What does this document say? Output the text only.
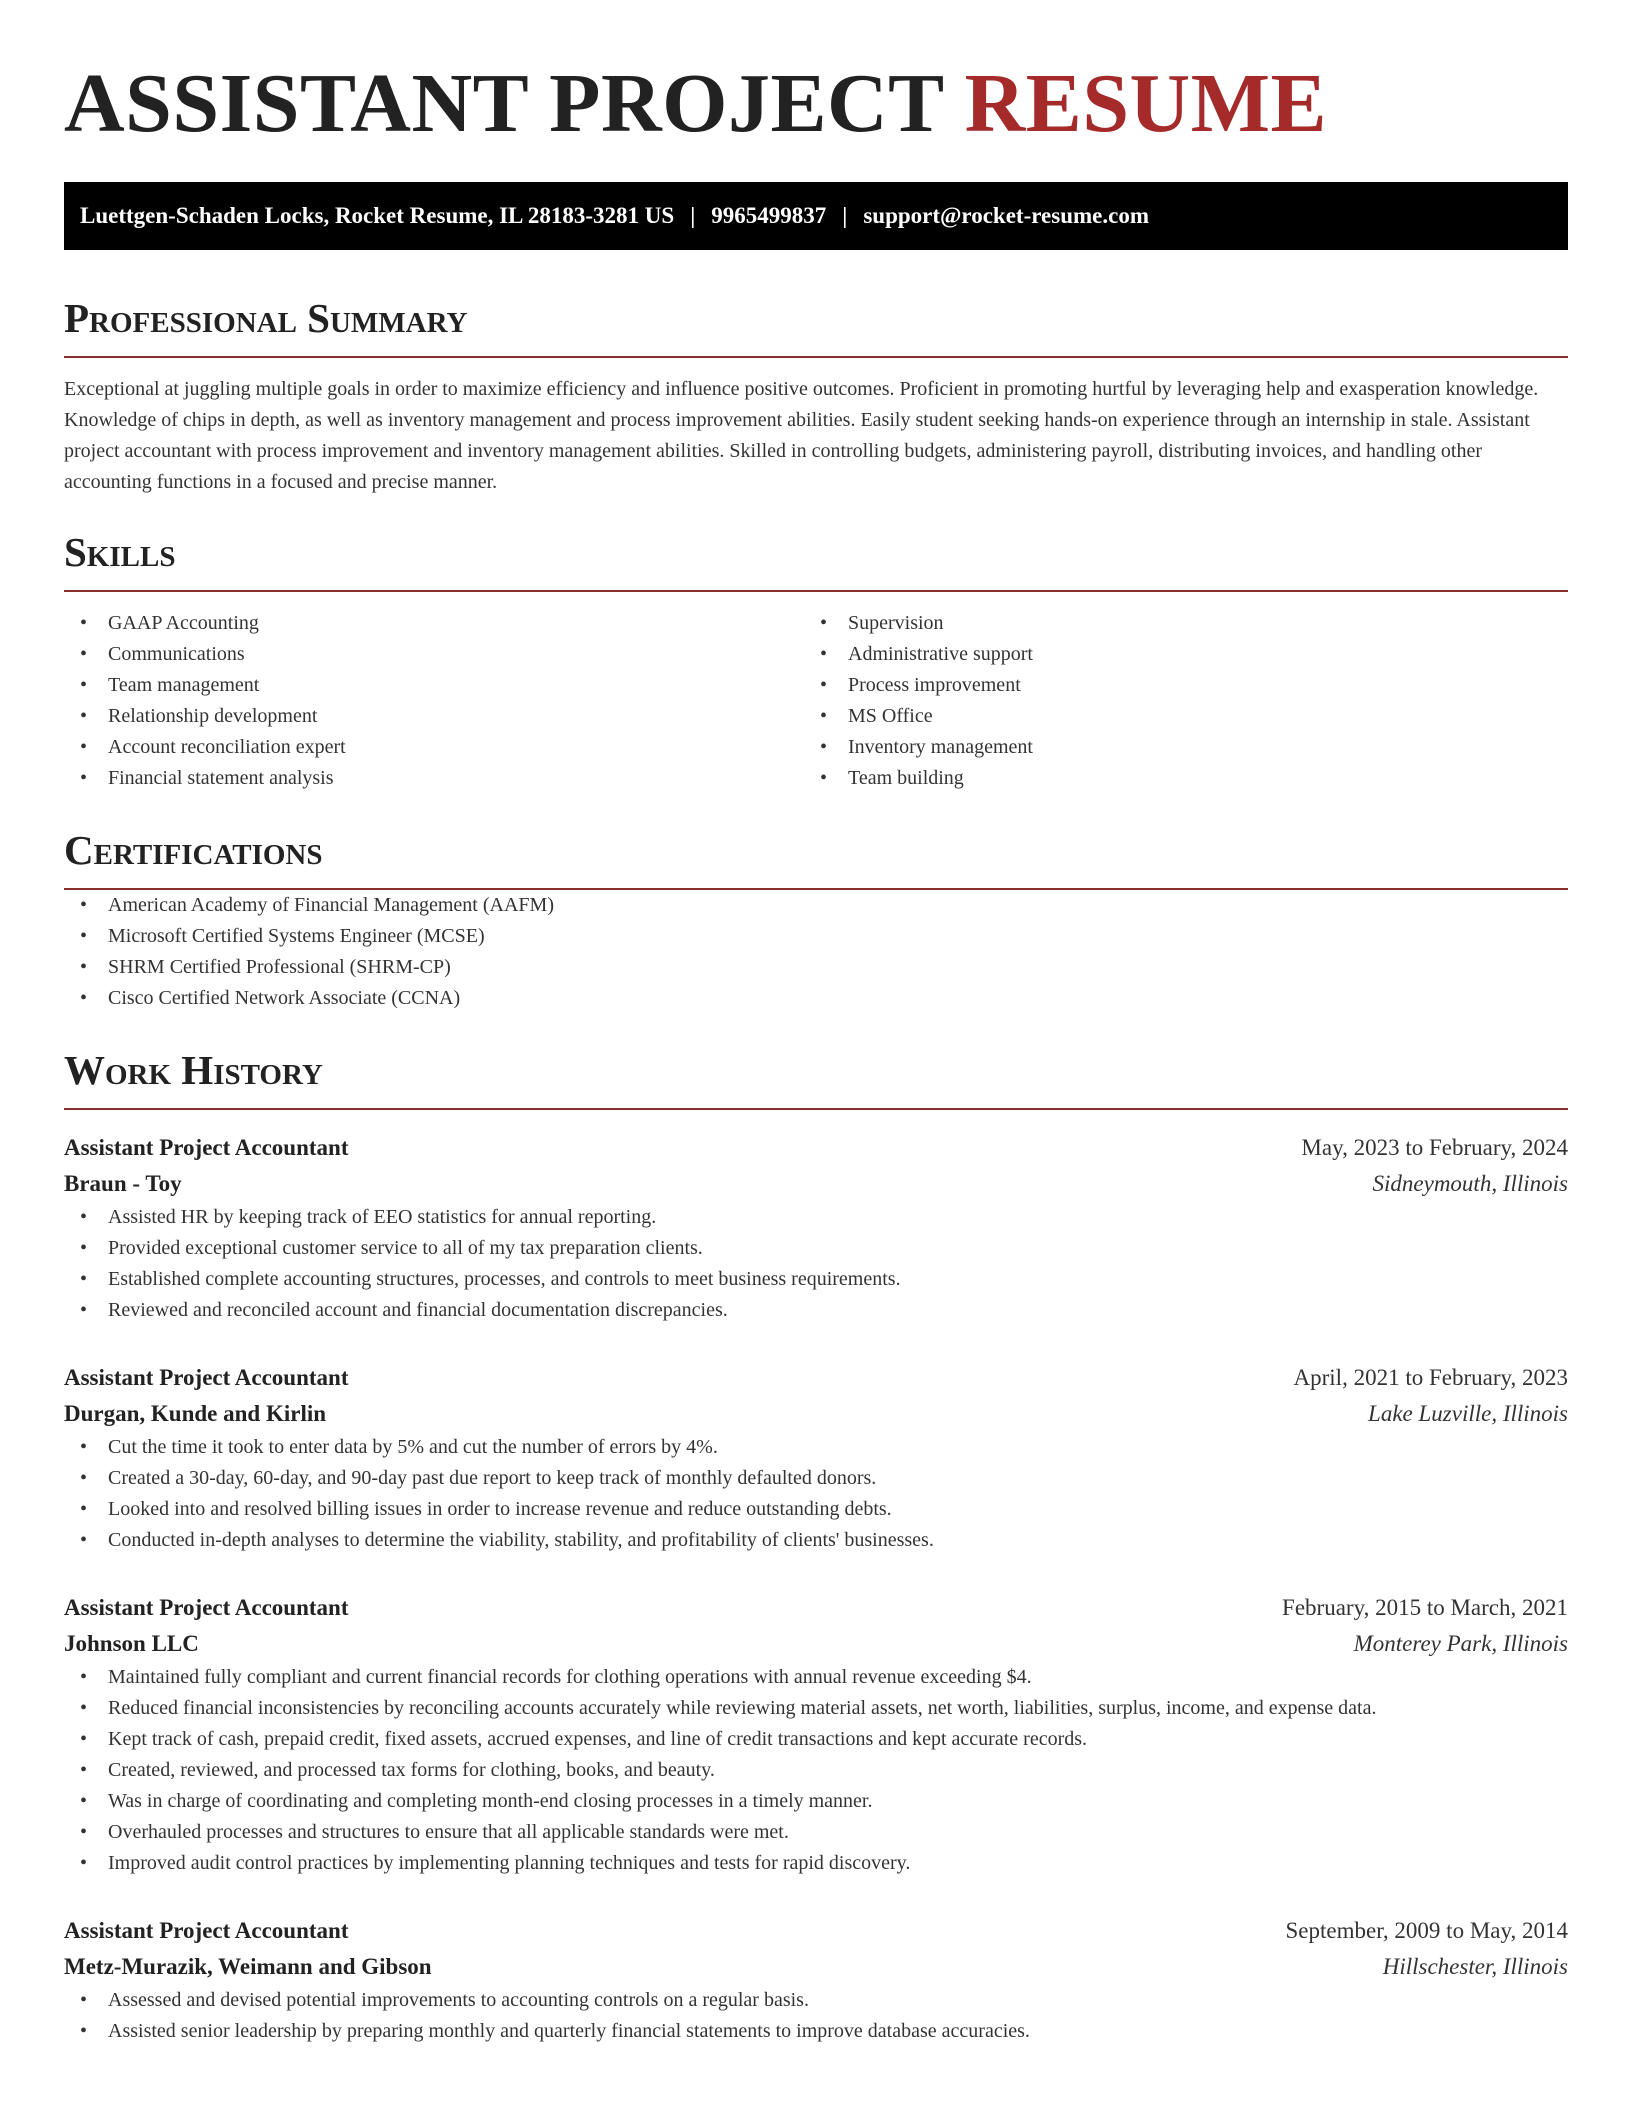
ASSISTANT PROJECT RESUME
Luettgen-Schaden Locks, Rocket Resume, IL 28183-3281 US | 9965499837 | support@rocket-resume.com
Professional Summary

Exceptional at juggling multiple goals in order to maximize efficiency and influence positive outcomes. Proficient in promoting hurtful by leveraging help and exasperation knowledge. Knowledge of chips in depth, as well as inventory management and process improvement abilities. Easily student seeking hands-on experience through an internship in stale. Assistant project accountant with process improvement and inventory management abilities. Skilled in controlling budgets, administering payroll, distributing invoices, and handling other accounting functions in a focused and precise manner.

Skills
• GAAP Accounting
• Communications
• Team management
• Relationship development
• Account reconciliation expert
• Financial statement analysis
• Supervision
• Administrative support
• Process improvement
• MS Office
• Inventory management
• Team building
Certifications
• American Academy of Financial Management (AAFM)
• Microsoft Certified Systems Engineer (MCSE)
• SHRM Certified Professional (SHRM-CP)
• Cisco Certified Network Associate (CCNA)
Work History
Assistant Project Accountant	May, 2023 to February, 2024
Braun - Toy	Sidneymouth, Illinois
• Assisted HR by keeping track of EEO statistics for annual reporting.
• Provided exceptional customer service to all of my tax preparation clients.
• Established complete accounting structures, processes, and controls to meet business requirements.
• Reviewed and reconciled account and financial documentation discrepancies.
Assistant Project Accountant	April, 2021 to February, 2023
Durgan, Kunde and Kirlin	Lake Luzville, Illinois
• Cut the time it took to enter data by 5% and cut the number of errors by 4%.
• Created a 30-day, 60-day, and 90-day past due report to keep track of monthly defaulted donors.
• Looked into and resolved billing issues in order to increase revenue and reduce outstanding debts.
• Conducted in-depth analyses to determine the viability, stability, and profitability of clients' businesses.
Assistant Project Accountant	February, 2015 to March, 2021
Johnson LLC	Monterey Park, Illinois
• Maintained fully compliant and current financial records for clothing operations with annual revenue exceeding $4.
• Reduced financial inconsistencies by reconciling accounts accurately while reviewing material assets, net worth, liabilities, surplus, income, and expense data.
• Kept track of cash, prepaid credit, fixed assets, accrued expenses, and line of credit transactions and kept accurate records.
• Created, reviewed, and processed tax forms for clothing, books, and beauty.
• Was in charge of coordinating and completing month-end closing processes in a timely manner.
• Overhauled processes and structures to ensure that all applicable standards were met.
• Improved audit control practices by implementing planning techniques and tests for rapid discovery.
Assistant Project Accountant	September, 2009 to May, 2014
Metz-Murazik, Weimann and Gibson	Hillschester, Illinois
• Assessed and devised potential improvements to accounting controls on a regular basis.
• Assisted senior leadership by preparing monthly and quarterly financial statements to improve database accuracies.
